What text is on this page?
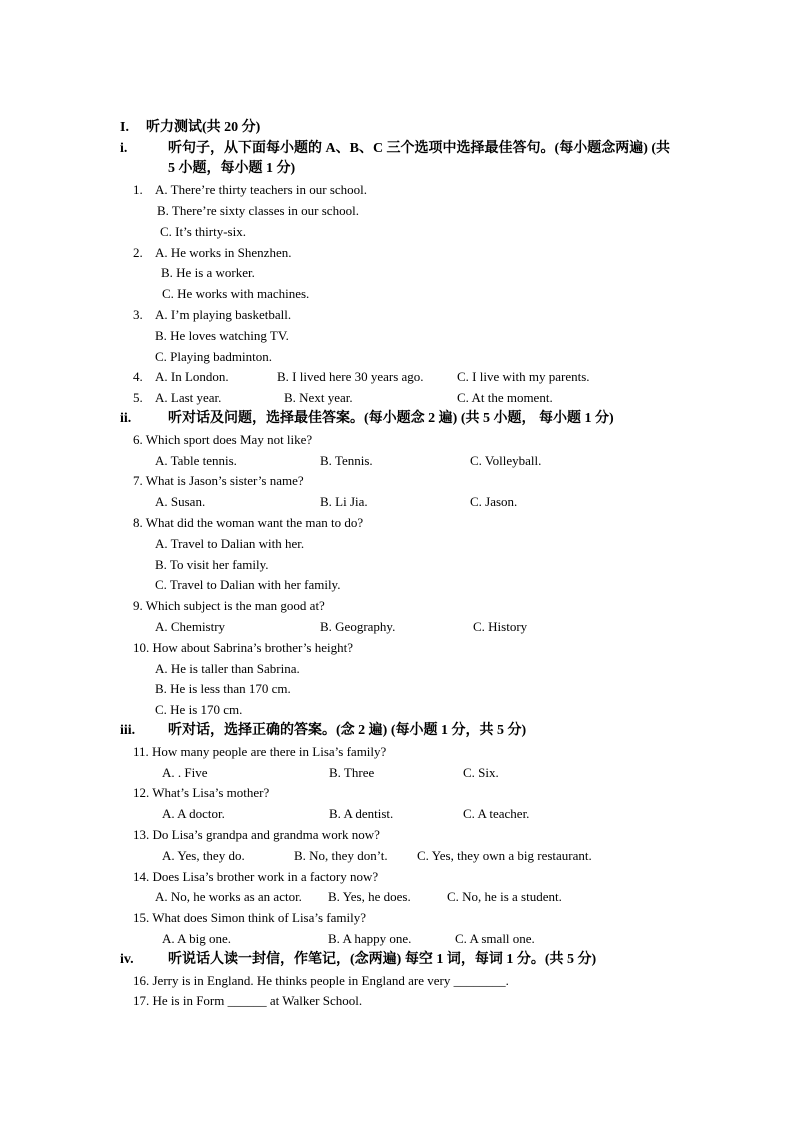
I. 听力测试(共 20 分)
i.	听句子，从下面每小题的 A、B、C 三个选项中选择最佳答句。(每小题念两遍) (共
5 小题，每小题 1 分)
1. A. There’re thirty teachers in our school.
B. There’re sixty classes in our school.
C. It’s thirty-six.
2. A. He works in Shenzhen.
B. He is a worker.
C. He works with machines.
3. A. I’m playing basketball.
B. He loves watching TV.
C. Playing badminton.
4. A. In London.	B. I lived here 30 years ago.	C. I live with my parents.
5. A. Last year.	B. Next year.	C. At the moment.
ii.	听对话及问题，选择最佳答案。(每小题念 2 遍) (共 5 小题， 每小题 1 分)
6. Which sport does May not like?
A. Table tennis.	B. Tennis.	C. Volleyball.
7. What is Jason’s sister’s name?
A. Susan.	B. Li Jia.	C. Jason.
8. What did the woman want the man to do?
A. Travel to Dalian with her.
B. To visit her family.
C. Travel to Dalian with her family.
9. Which subject is the man good at?
A. Chemistry	B. Geography.	C. History
10. How about Sabrina’s brother’s height?
A. He is taller than Sabrina.
B. He is less than 170 cm.
C. He is 170 cm.
iii. 听对话，选择正确的答案。(念 2 遍) (每小题 1 分，共 5 分)
11. How many people are there in Lisa’s family?
A. . Five	B. Three	C. Six.
12. What’s Lisa’s mother?
A. A doctor.	B. A dentist.	C. A teacher.
13. Do Lisa’s grandpa and grandma work now?
A. Yes, they do.	B. No, they don’t. C. Yes, they own a big restaurant.
14. Does Lisa’s brother work in a factory now?
A. No, he works as an actor. B. Yes, he does.	C. No, he is a student.
15. What does Simon think of Lisa’s family?
A. A big one.	B. A happy one.	C. A small one.
iv. 听说话人读一封信，作笔记，(念两遍) 每空 1 词，每词 1 分。(共 5 分)
16. Jerry is in England. He thinks people in England are very ________.
17. He is in Form ______ at Walker School.
